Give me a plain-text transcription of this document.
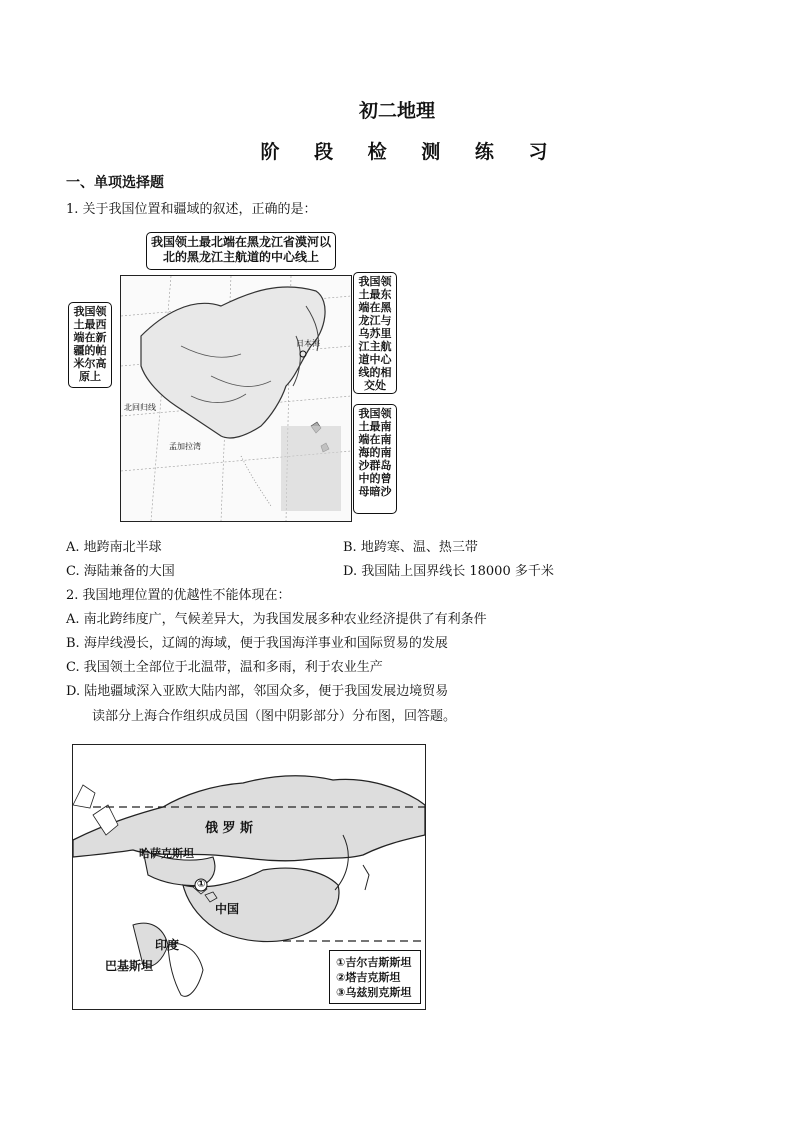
初二地理
阶 段 检 测 练 习
一、单项选择题
1. 关于我国位置和疆域的叙述，正确的是：
日本海
北回归线
孟加拉湾
我国领土最北端在黑龙江省漠河以北的黑龙江主航道的中心线上
我国领土最西端在新疆的帕米尔高原上
我国领土最东端在黑龙江与乌苏里江主航道中心线的相交处
我国领土最南端在南海的南沙群岛中的曾母暗沙
A. 地跨南北半球	B. 地跨寒、温、热三带
C. 海陆兼备的大国	D. 我国陆上国界线长 18000 多千米
2. 我国地理位置的优越性不能体现在：
A. 南北跨纬度广，气候差异大，为我国发展多种农业经济提供了有利条件
B. 海岸线漫长，辽阔的海域，便于我国海洋事业和国际贸易的发展
C. 我国领土全部位于北温带，温和多雨，利于农业生产
D. 陆地疆域深入亚欧大陆内部，邻国众多，便于我国发展边境贸易
读部分上海合作组织成员国（图中阴影部分）分布图，回答题。
俄 罗 斯
哈萨克斯坦
①
中国
印度
巴基斯坦	①吉尔吉斯斯坦
②塔吉克斯坦
③乌兹别克斯坦
